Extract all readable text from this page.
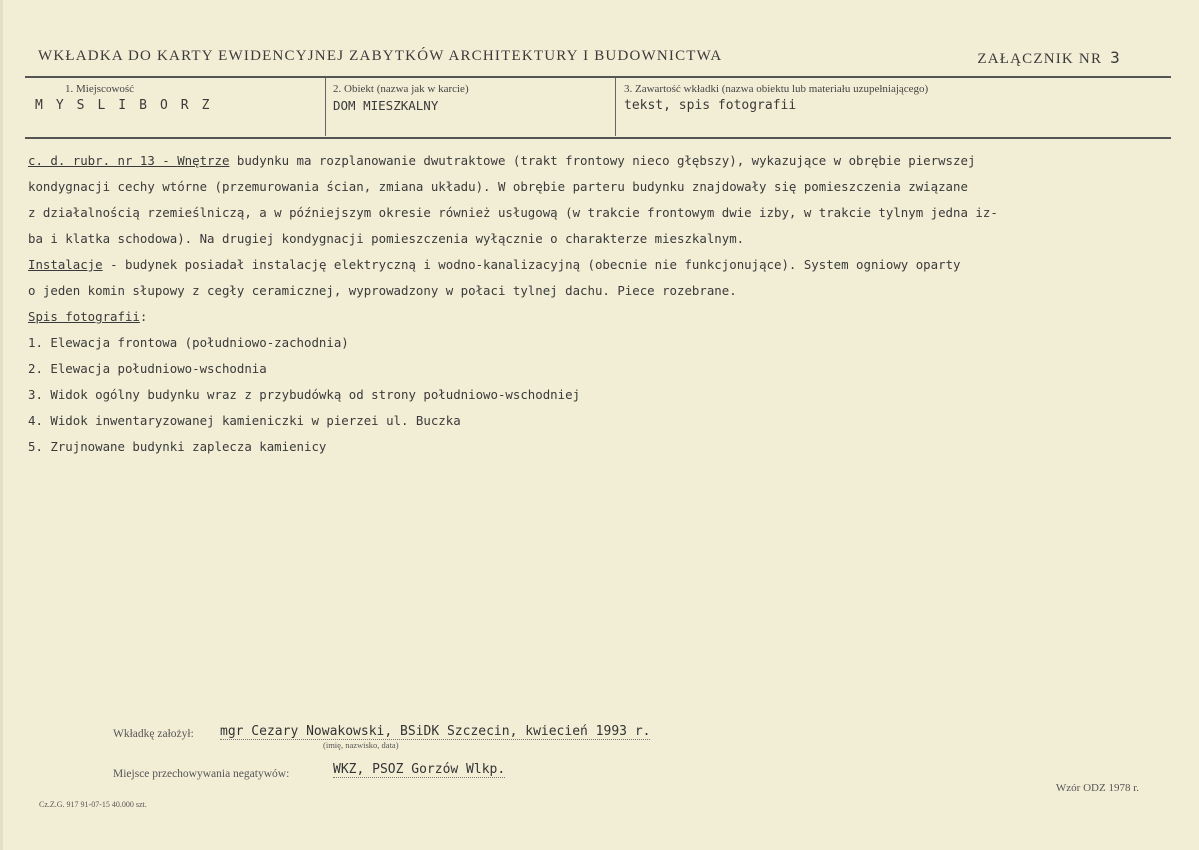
WKŁADKA DO KARTY EWIDENCYJNEJ ZABYTKÓW ARCHITEKTURY I BUDOWNICTWA	ZAŁĄCZNIK NR 3
1. Miejscowość
MYSLIBORZ
2. Obiekt (nazwa jak w karcie)
DOM MIESZKALNY
3. Zawartość wkładki (nazwa obiektu lub materiału uzupełniającego)
tekst, spis fotografii
c. d. rubr. nr 13 - Wnętrze budynku ma rozplanowanie dwutraktowe (trakt frontowy nieco głębszy), wykazujące w obrębie pierwszej
kondygnacji cechy wtórne (przemurowania ścian, zmiana układu). W obrębie parteru budynku znajdowały się pomieszczenia związane
z działalnością rzemieślniczą, a w późniejszym okresie również usługową (w trakcie frontowym dwie izby, w trakcie tylnym jedna iz-
ba i klatka schodowa). Na drugiej kondygnacji pomieszczenia wyłącznie o charakterze mieszkalnym.
Instalacje - budynek posiadał instalację elektryczną i wodno-kanalizacyjną (obecnie nie funkcjonujące). System ogniowy oparty
o jeden komin słupowy z cegły ceramicznej, wyprowadzony w połaci tylnej dachu. Piece rozebrane.
Spis fotografii:
1. Elewacja frontowa (południowo-zachodnia)
2. Elewacja południowo-wschodnia
3. Widok ogólny budynku wraz z przybudówką od strony południowo-wschodniej
4. Widok inwentaryzowanej kamieniczki w pierzei ul. Buczka
5. Zrujnowane budynki zaplecza kamienicy
Wkładkę założył: mgr Cezary Nowakowski, BSiDK Szczecin, kwiecień 1993 r.
(imię, nazwisko, data)
Miejsce przechowywania negatywów:	WKZ, PSOZ Gorzów Wlkp.
Cz.Z.G. 917 91-07-15 40.000 szt.
Wzór ODZ 1978 r.
